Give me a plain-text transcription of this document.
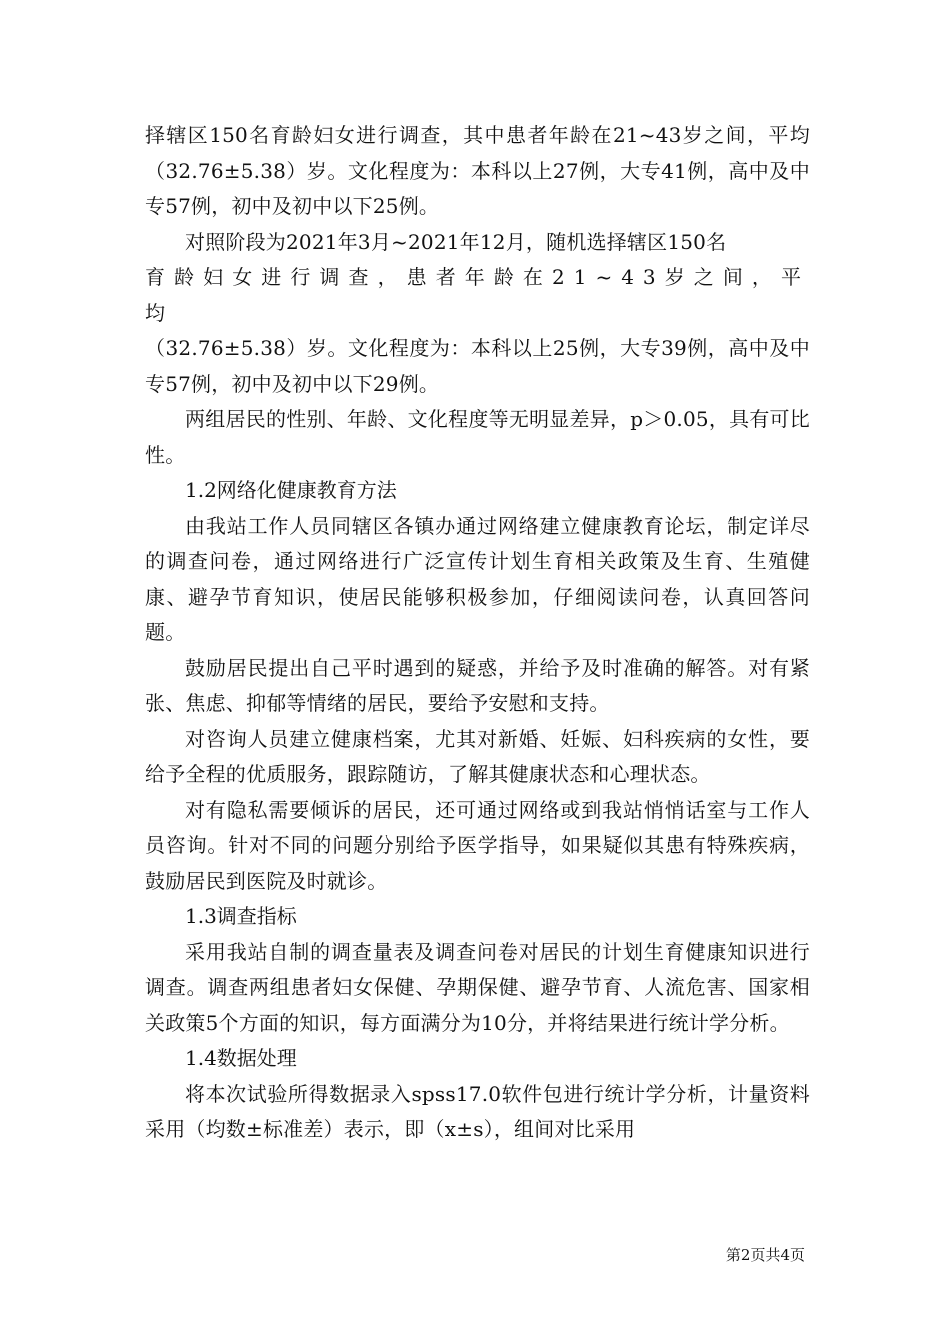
择辖区150名育龄妇女进行调查，其中患者年龄在21~43岁之间，平均（32.76±5.38）岁。文化程度为：本科以上27例，大专41例，高中及中专57例，初中及初中以下25例。

对照阶段为2021年3月~2021年12月，随机选择辖区150名

育龄妇女进行调查，患者年龄在21~43岁之间，平均

（32.76±5.38）岁。文化程度为：本科以上25例，大专39例，高中及中专57例，初中及初中以下29例。

两组居民的性别、年龄、文化程度等无明显差异，p＞0.05，具有可比性。

1.2网络化健康教育方法

由我站工作人员同辖区各镇办通过网络建立健康教育论坛，制定详尽的调查问卷，通过网络进行广泛宣传计划生育相关政策及生育、生殖健康、避孕节育知识，使居民能够积极参加，仔细阅读问卷，认真回答问题。

鼓励居民提出自己平时遇到的疑惑，并给予及时准确的解答。对有紧张、焦虑、抑郁等情绪的居民，要给予安慰和支持。

对咨询人员建立健康档案，尤其对新婚、妊娠、妇科疾病的女性，要给予全程的优质服务，跟踪随访，了解其健康状态和心理状态。

对有隐私需要倾诉的居民，还可通过网络或到我站悄悄话室与工作人员咨询。针对不同的问题分别给予医学指导，如果疑似其患有特殊疾病，鼓励居民到医院及时就诊。

1.3调查指标

采用我站自制的调查量表及调查问卷对居民的计划生育健康知识进行调查。调查两组患者妇女保健、孕期保健、避孕节育、人流危害、国家相关政策5个方面的知识，每方面满分为10分，并将结果进行统计学分析。

1.4数据处理

将本次试验所得数据录入spss17.0软件包进行统计学分析，计量资料采用（均数±标准差）表示，即（x±s），组间对比采用

第2页共4页
